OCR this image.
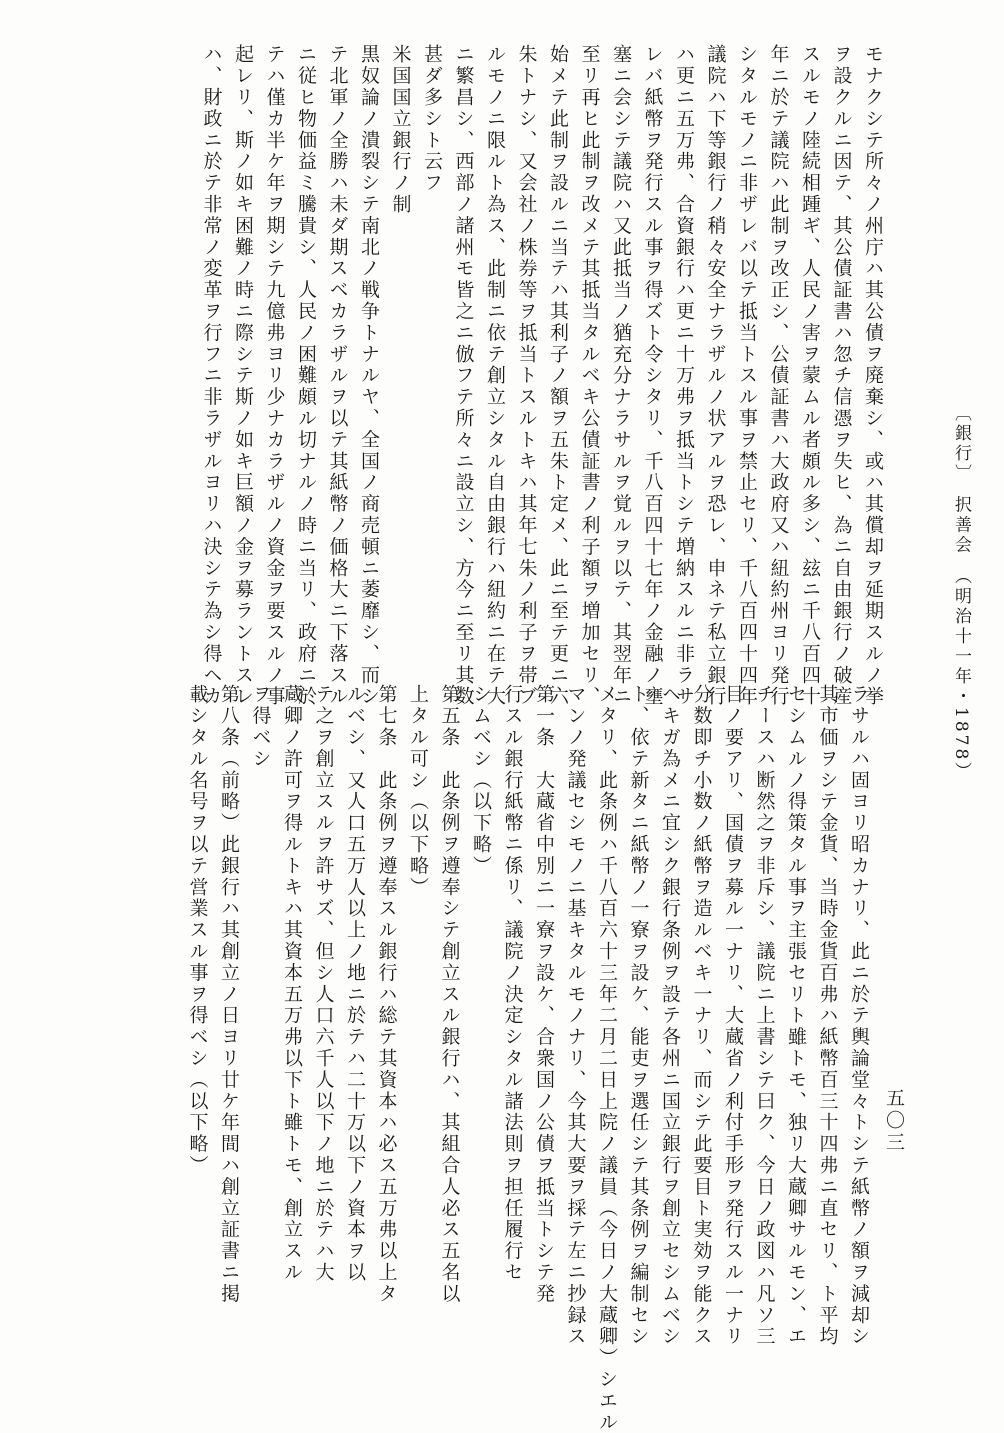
モナクシテ所々ノ州庁ハ其公債ヲ廃棄シ、或ハ其償却ヲ延期スルノ挙

ヲ設クルニ因テ、其公債証書ハ忽チ信憑ヲ失ヒ、為ニ自由銀行ノ破産

スルモノ陸続相踵ギ、人民ノ害ヲ蒙ムル者頗ル多シ、玆ニ千八百四十

年ニ於テ議院ハ此制ヲ改正シ、公債証書ハ大政府又ハ紐約州ヨリ発行

シタルモノニ非ザレバ以テ抵当トスル事ヲ禁止セリ、千八百四十四年

議院ハ下等銀行ノ稍々安全ナラザルノ状アルヲ恐レ、申ネテ私立銀行

ハ更ニ五万弗、合資銀行ハ更ニ十万弗ヲ抵当トシテ増納スルニ非ラサ

レバ紙幣ヲ発行スル事ヲ得ズト令シタリ、千八百四十七年ノ金融ノ壅

塞ニ会シテ議院ハ又此抵当ノ猶充分ナラサルヲ覚ルヲ以テ、其翌年ニ

至リ再ヒ此制ヲ改メテ其抵当タルベキ公債証書ノ利子額ヲ増加セリ、

始メテ此制ヲ設ルニ当テハ其利子ノ額ヲ五朱ト定メ、此ニ至テ更ニ六

朱トナシ、又会社ノ株券等ヲ抵当トスルトキハ其年七朱ノ利子ヲ帯ブ

ルモノニ限ルト為ス、此制ニ依テ創立シタル自由銀行ハ紐約ニ在テ大

ニ繁昌シ、西部ノ諸州モ皆之ニ倣フテ所々ニ設立シ、方今ニ至リ其数

甚ダ多シト云フ

米国国立銀行ノ制

黒奴論ノ潰裂シテ南北ノ戦争トナルヤ、全国ノ商売頓ニ萎靡シ、而シ

テ北軍ノ全勝ハ未ダ期スベカラザルヲ以テ其紙幣ノ価格大ニ下落スル

ニ従ヒ物価益ミ騰貴シ、人民ノ困難頗ル切ナルノ時ニ当リ、政府ニ於

テハ僅カ半ケ年ヲ期シテ九億弗ヨリ少ナカラザルノ資金ヲ要スルノ事

起レリ、斯ノ如キ困難ノ時ニ際シテ斯ノ如キ巨額ノ金ヲ募ラントスレ

ハ、財政ニ於テ非常ノ変革ヲ行フニ非ラザルヨリハ決シテ為シ得ヘカ

ラサルハ固ヨリ昭カナリ、此ニ於テ輿論堂々トシテ紙幣ノ額ヲ減却シ

其市価ヲシテ金貨、当時金貨百弗ハ紙幣百三十四弗ニ直セリ、ト平均

セシムルノ得策タル事ヲ主張セリト雖トモ、独リ大蔵卿サルモン、エ

チースハ断然之ヲ非斥シ、議院ニ上書シテ曰ク、今日ノ政図ハ凡ソ三

目ノ要アリ、国債ヲ募ル一ナリ、大蔵省ノ利付手形ヲ発行スル一ナリ

分数即チ小数ノ紙幣ヲ造ルベキ一ナリ、而シテ此要目ト実効ヲ能クス

ヘキガ為メニ宜シク銀行条例ヲ設テ各州ニ国立銀行ヲ創立セシムベシ

ト、依テ新タニ紙幣ノ一寮ヲ設ケ、能吏ヲ選任シテ其条例ヲ編制セシ

メタリ、此条例ハ千八百六十三年二月二日上院ノ議員（今日ノ大蔵卿）シエル

マンノ発議セシモノニ基キタルモノナリ、今其大要ヲ採テ左ニ抄録ス

第一条　大蔵省中別ニ一寮ヲ設ケ、合衆国ノ公債ヲ抵当トシテ発

行スル銀行紙幣ニ係リ、議院ノ決定シタル諸法則ヲ担任履行セ

シムベシ（以下略）

第五条　此条例ヲ遵奉シテ創立スル銀行ハ、其組合人必ス五名以

上タル可シ（以下略）

第七条　此条例ヲ遵奉スル銀行ハ総テ其資本ハ必ス五万弗以上タ

ルベシ、又人口五万人以上ノ地ニ於テハ二十万以下ノ資本ヲ以

テ之ヲ創立スルヲ許サズ、但シ人口六千人以下ノ地ニ於テハ大

蔵卿ノ許可ヲ得ルトキハ其資本五万弗以下ト雖トモ、創立スル

ヲ得ベシ

第八条（前略）此銀行ハ其創立ノ日ヨリ廿ケ年間ハ創立証書ニ掲

載シタル名号ヲ以テ営業スル事ヲ得ベシ（以下略）

〔銀行〕　択善会　（明治十一年・1878）
五〇三
